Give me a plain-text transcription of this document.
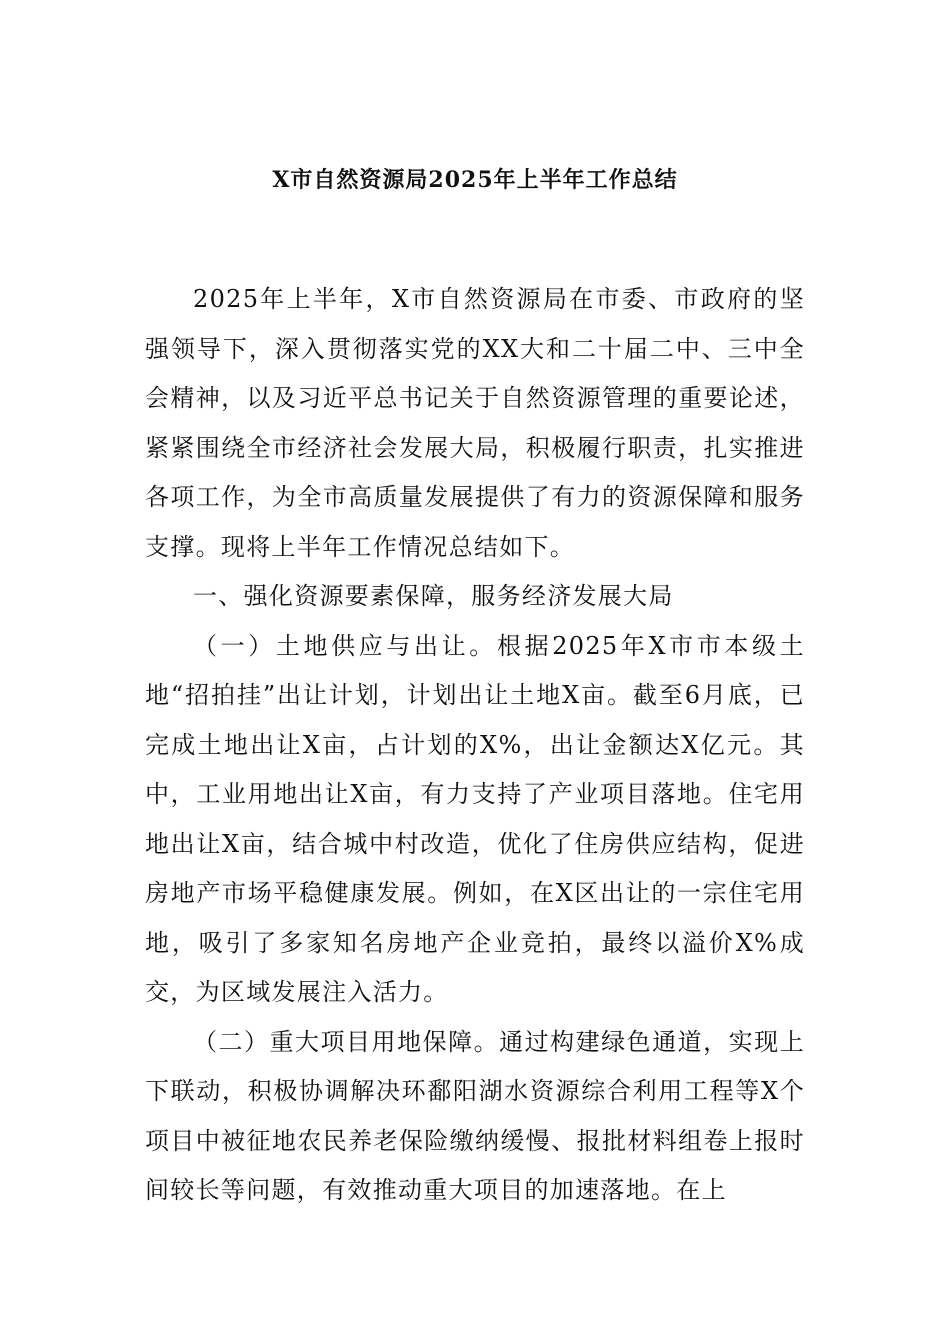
X市自然资源局2025年上半年工作总结

2025年上半年，X市自然资源局在市委、市政府的坚强领导下，深入贯彻落实党的XX大和二十届二中、三中全会精神，以及习近平总书记关于自然资源管理的重要论述，紧紧围绕全市经济社会发展大局，积极履行职责，扎实推进各项工作，为全市高质量发展提供了有力的资源保障和服务支撑。现将上半年工作情况总结如下。

一、强化资源要素保障，服务经济发展大局

（一）土地供应与出让。根据2025年X市市本级土地“招拍挂”出让计划，计划出让土地X亩。截至6月底，已完成土地出让X亩，占计划的X%，出让金额达X亿元。其中，工业用地出让X亩，有力支持了产业项目落地。住宅用地出让X亩，结合城中村改造，优化了住房供应结构，促进房地产市场平稳健康发展。例如，在X区出让的一宗住宅用地，吸引了多家知名房地产企业竞拍，最终以溢价X%成交，为区域发展注入活力。

（二）重大项目用地保障。通过构建绿色通道，实现上下联动，积极协调解决环鄱阳湖水资源综合利用工程等X个项目中被征地农民养老保险缴纳缓慢、报批材料组卷上报时间较长等问题，有效推动重大项目的加速落地。在上
